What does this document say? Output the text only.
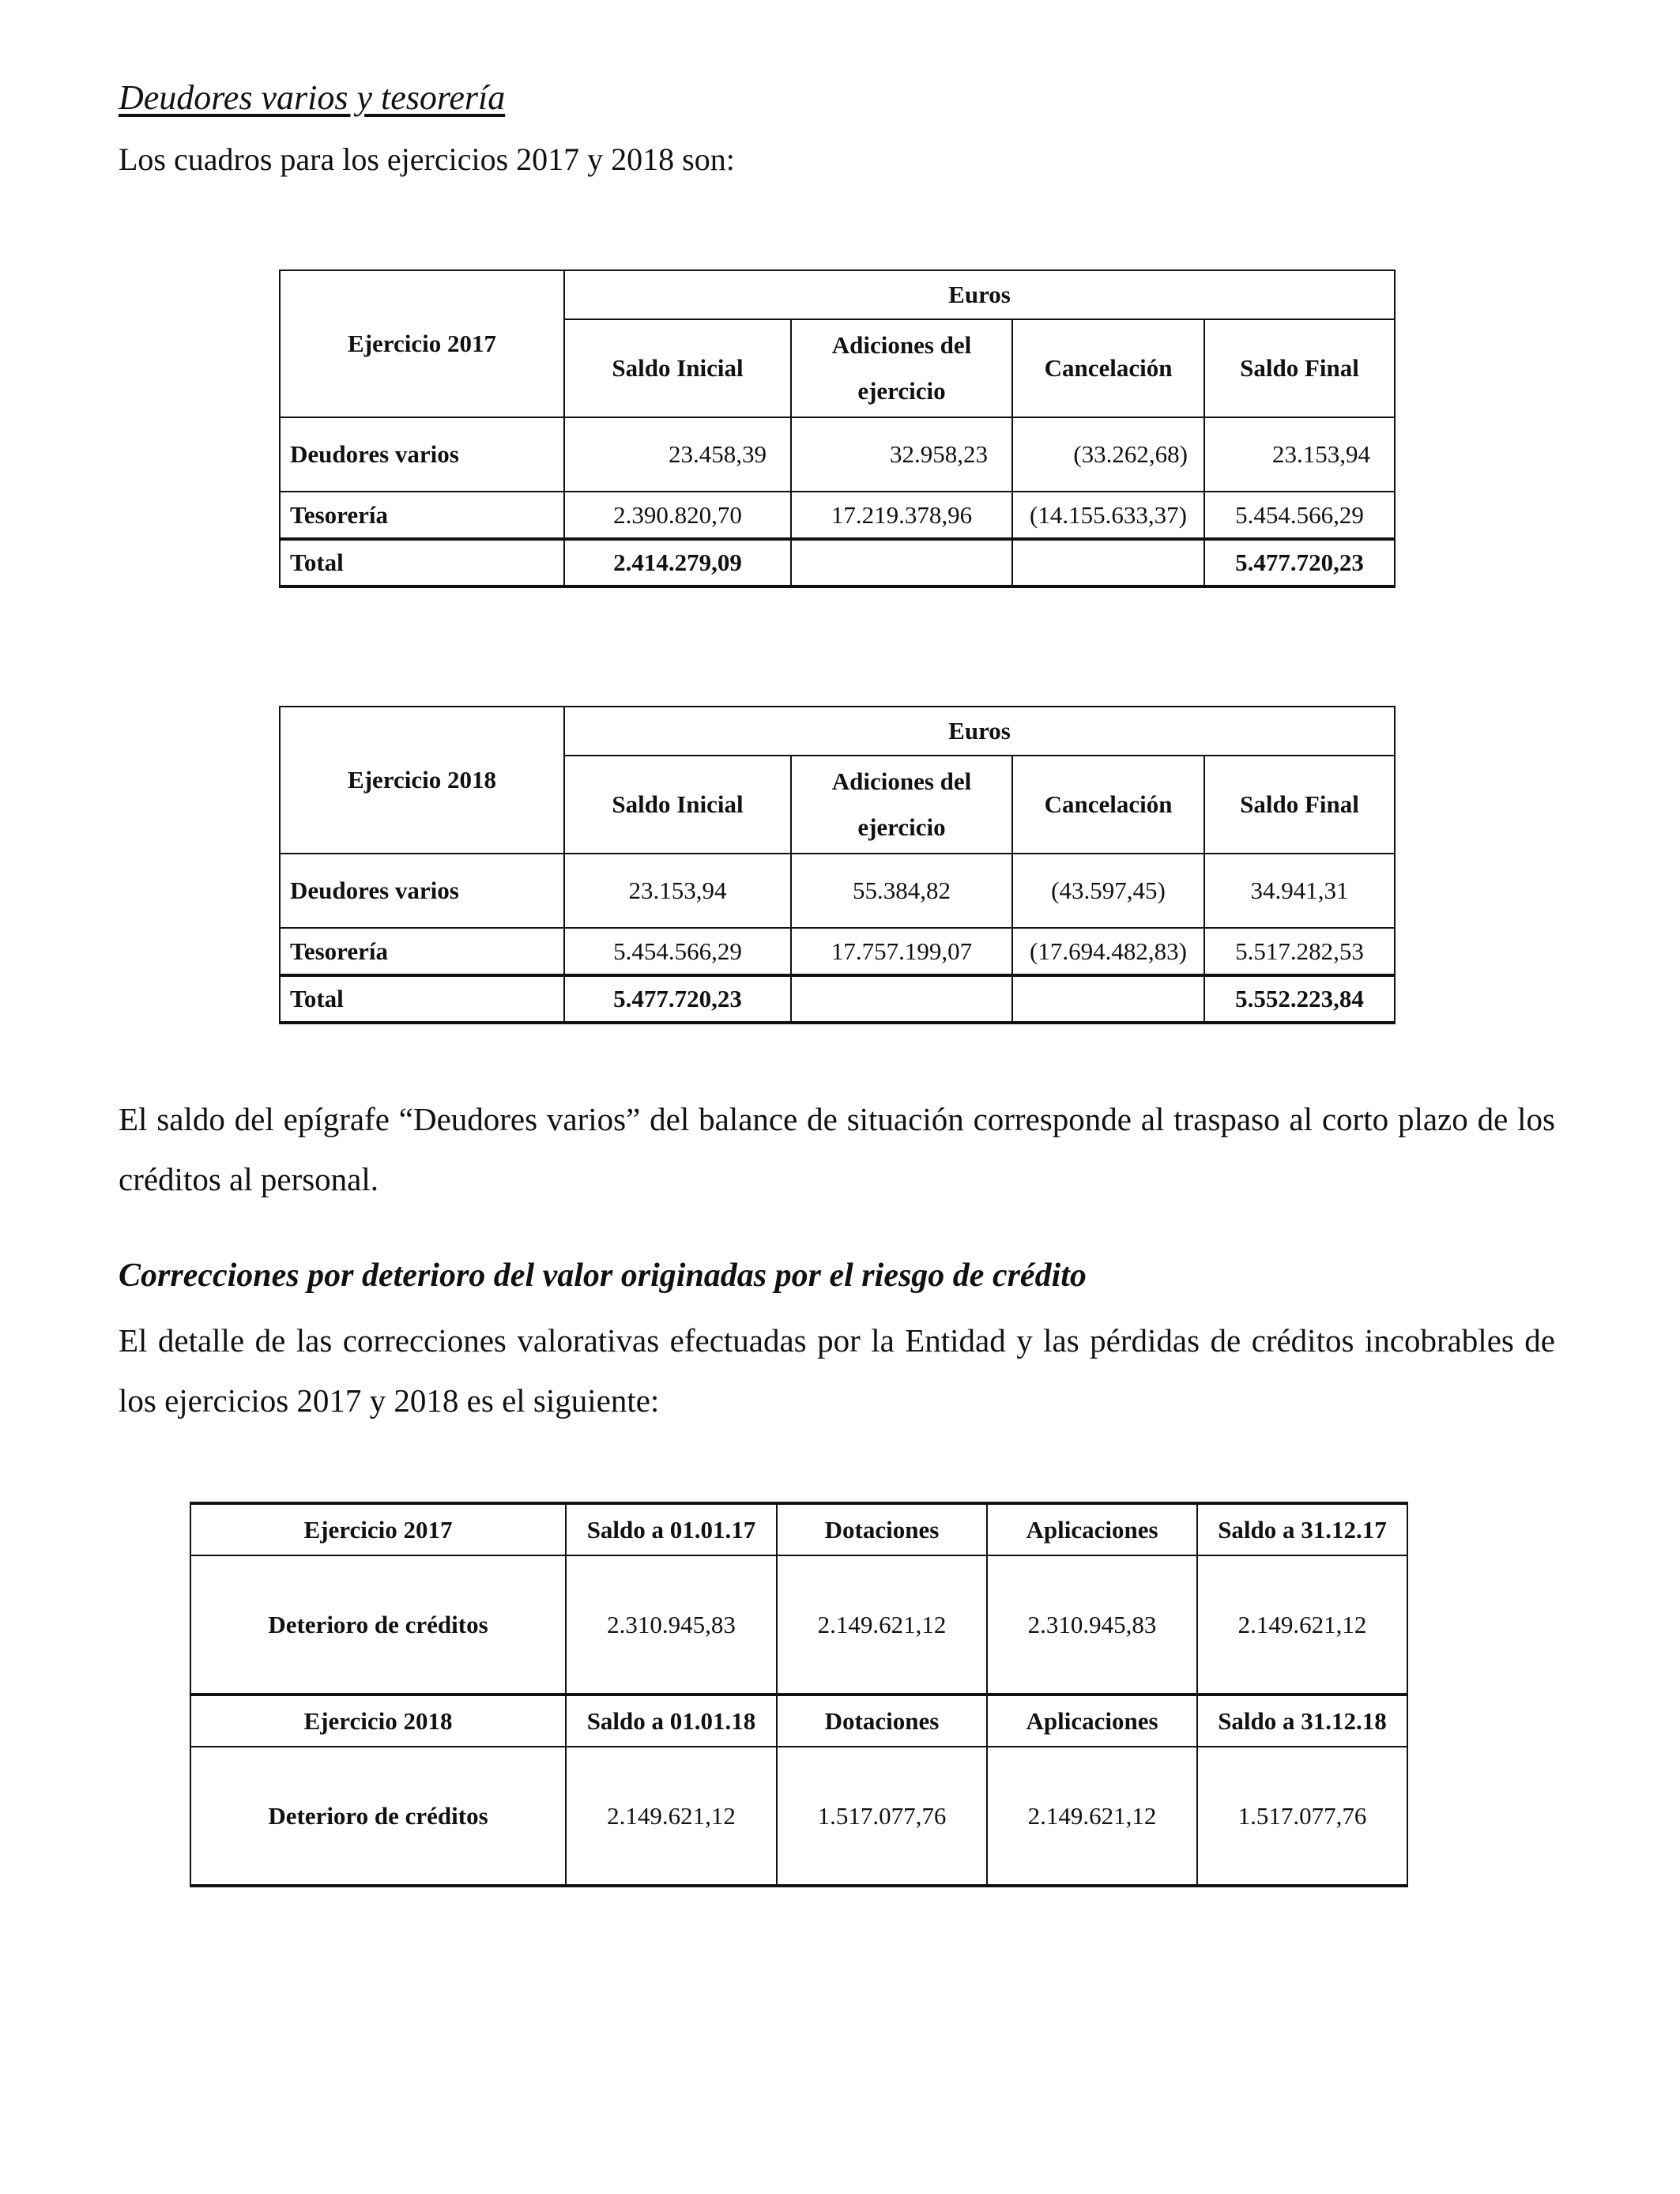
Deudores varios y tesorería
Los cuadros para los ejercicios 2017 y 2018 son:
Ejercicio 2017	Euros			
	Saldo Inicial	Adiciones del ejercicio	Cancelación	Saldo Final
Deudores varios	23.458,39	32.958,23	(33.262,68)	23.153,94
Tesorería	2.390.820,70	17.219.378,96	(14.155.633,37)	5.454.566,29
Total	2.414.279,09			5.477.720,23
Ejercicio 2018	Euros			
	Saldo Inicial	Adiciones del ejercicio	Cancelación	Saldo Final
Deudores varios	23.153,94	55.384,82	(43.597,45)	34.941,31
Tesorería	5.454.566,29	17.757.199,07	(17.694.482,83)	5.517.282,53
Total	5.477.720,23			5.552.223,84
El saldo del epígrafe “Deudores varios” del balance de situación corresponde al traspaso al corto plazo de los créditos al personal.
Correcciones por deterioro del valor originadas por el riesgo de crédito
El detalle de las correcciones valorativas efectuadas por la Entidad y las pérdidas de créditos incobrables de los ejercicios 2017 y 2018 es el siguiente:
Ejercicio 2017	Saldo a 01.01.17	Dotaciones	Aplicaciones	Saldo a 31.12.17
Deterioro de créditos	2.310.945,83	2.149.621,12	2.310.945,83	2.149.621,12
Ejercicio 2018	Saldo a 01.01.18	Dotaciones	Aplicaciones	Saldo a 31.12.18
Deterioro de créditos	2.149.621,12	1.517.077,76	2.149.621,12	1.517.077,76
